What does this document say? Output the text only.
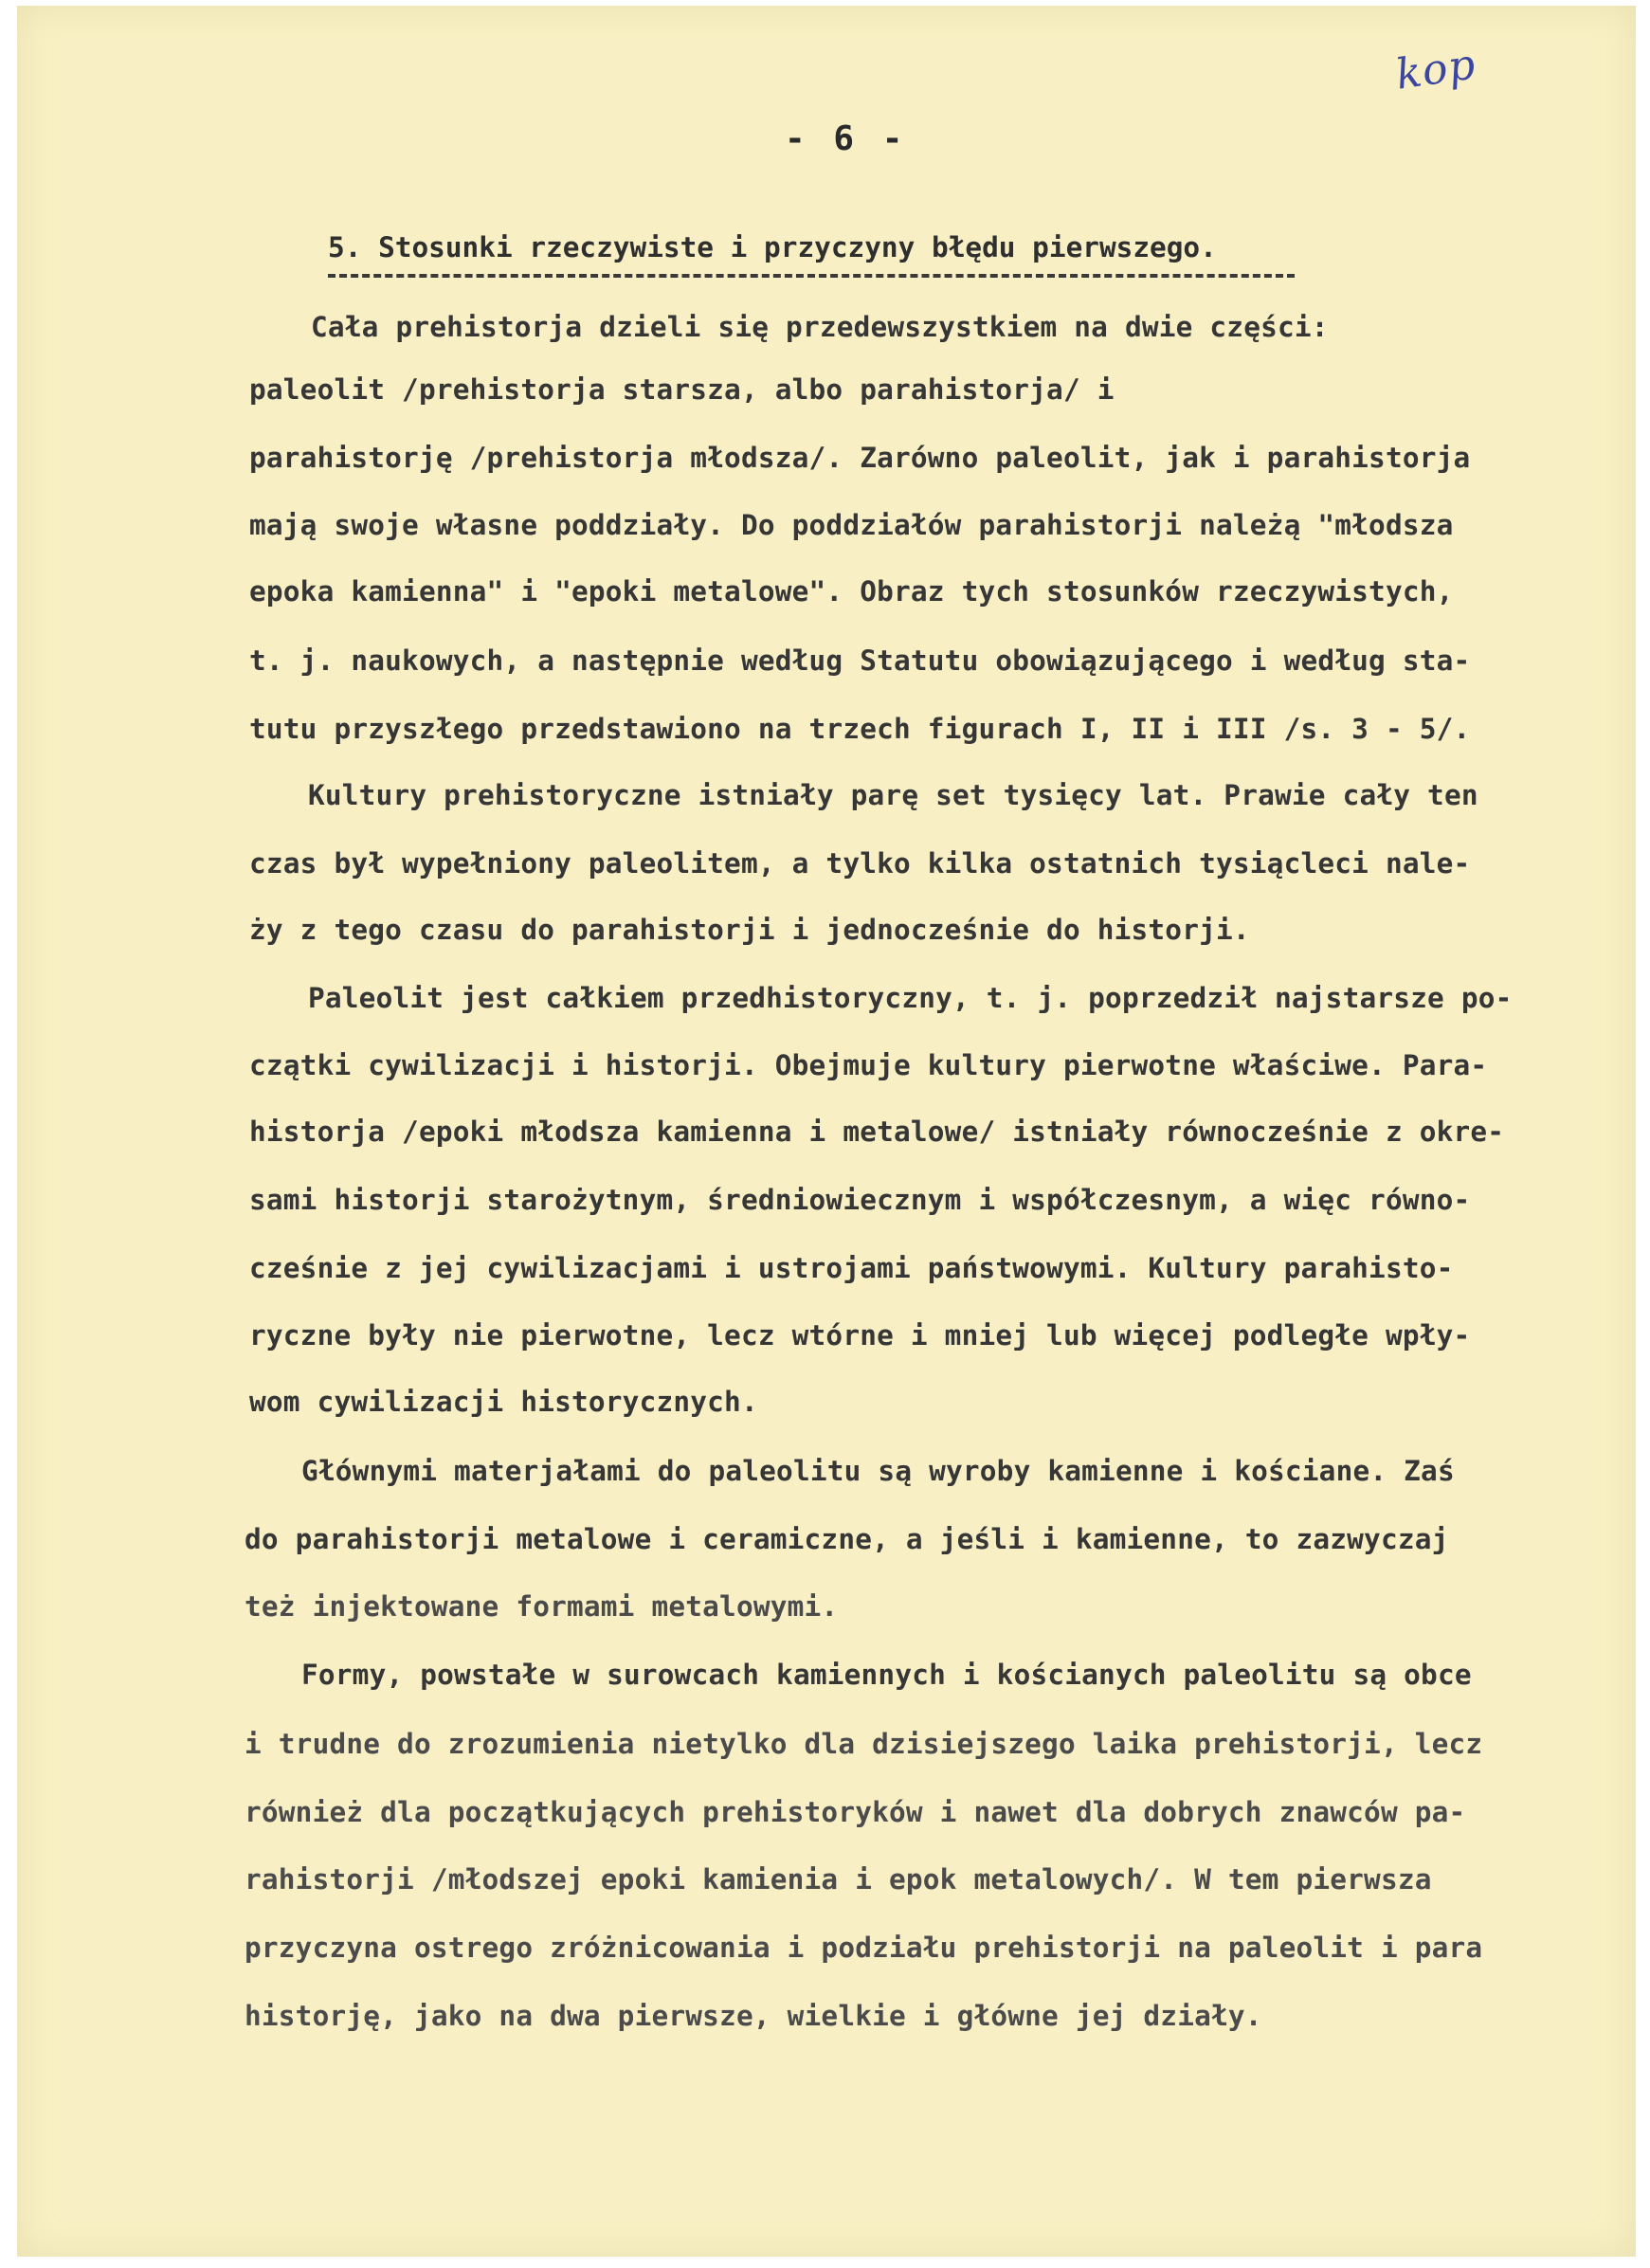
kop
- 6 -
5. Stosunki rzeczywiste i przyczyny błędu pierwszego.
Cała prehistorja dzieli się przedewszystkiem na dwie części:
paleolit /prehistorja starsza, albo parahistorja/ i
parahistorję /prehistorja młodsza/. Zarówno paleolit, jak i parahistorja
mają swoje własne poddziały. Do poddziałów parahistorji należą "młodsza
epoka kamienna" i "epoki metalowe". Obraz tych stosunków rzeczywistych,
t. j. naukowych, a następnie według Statutu obowiązującego i według sta-
tutu przyszłego przedstawiono na trzech figurach I, II i III /s. 3 - 5/.
Kultury prehistoryczne istniały parę set tysięcy lat. Prawie cały ten
czas był wypełniony paleolitem, a tylko kilka ostatnich tysiącleci nale-
ży z tego czasu do parahistorji i jednocześnie do historji.
Paleolit jest całkiem przedhistoryczny, t. j. poprzedził najstarsze po-
czątki cywilizacji i historji. Obejmuje kultury pierwotne właściwe. Para-
historja /epoki młodsza kamienna i metalowe/ istniały równocześnie z okre-
sami historji starożytnym, średniowiecznym i współczesnym, a więc równo-
cześnie z jej cywilizacjami i ustrojami państwowymi. Kultury parahisto-
ryczne były nie pierwotne, lecz wtórne i mniej lub więcej podległe wpły-
wom cywilizacji historycznych.
Głównymi materjałami do paleolitu są wyroby kamienne i kościane. Zaś
do parahistorji metalowe i ceramiczne, a jeśli i kamienne, to zazwyczaj
też injektowane formami metalowymi.
Formy, powstałe w surowcach kamiennych i kościanych paleolitu są obce
i trudne do zrozumienia nietylko dla dzisiejszego laika prehistorji, lecz
również dla początkujących prehistoryków i nawet dla dobrych znawców pa-
rahistorji /młodszej epoki kamienia i epok metalowych/. W tem pierwsza
przyczyna ostrego zróżnicowania i podziału prehistorji na paleolit i para
historję, jako na dwa pierwsze, wielkie i główne jej działy.
